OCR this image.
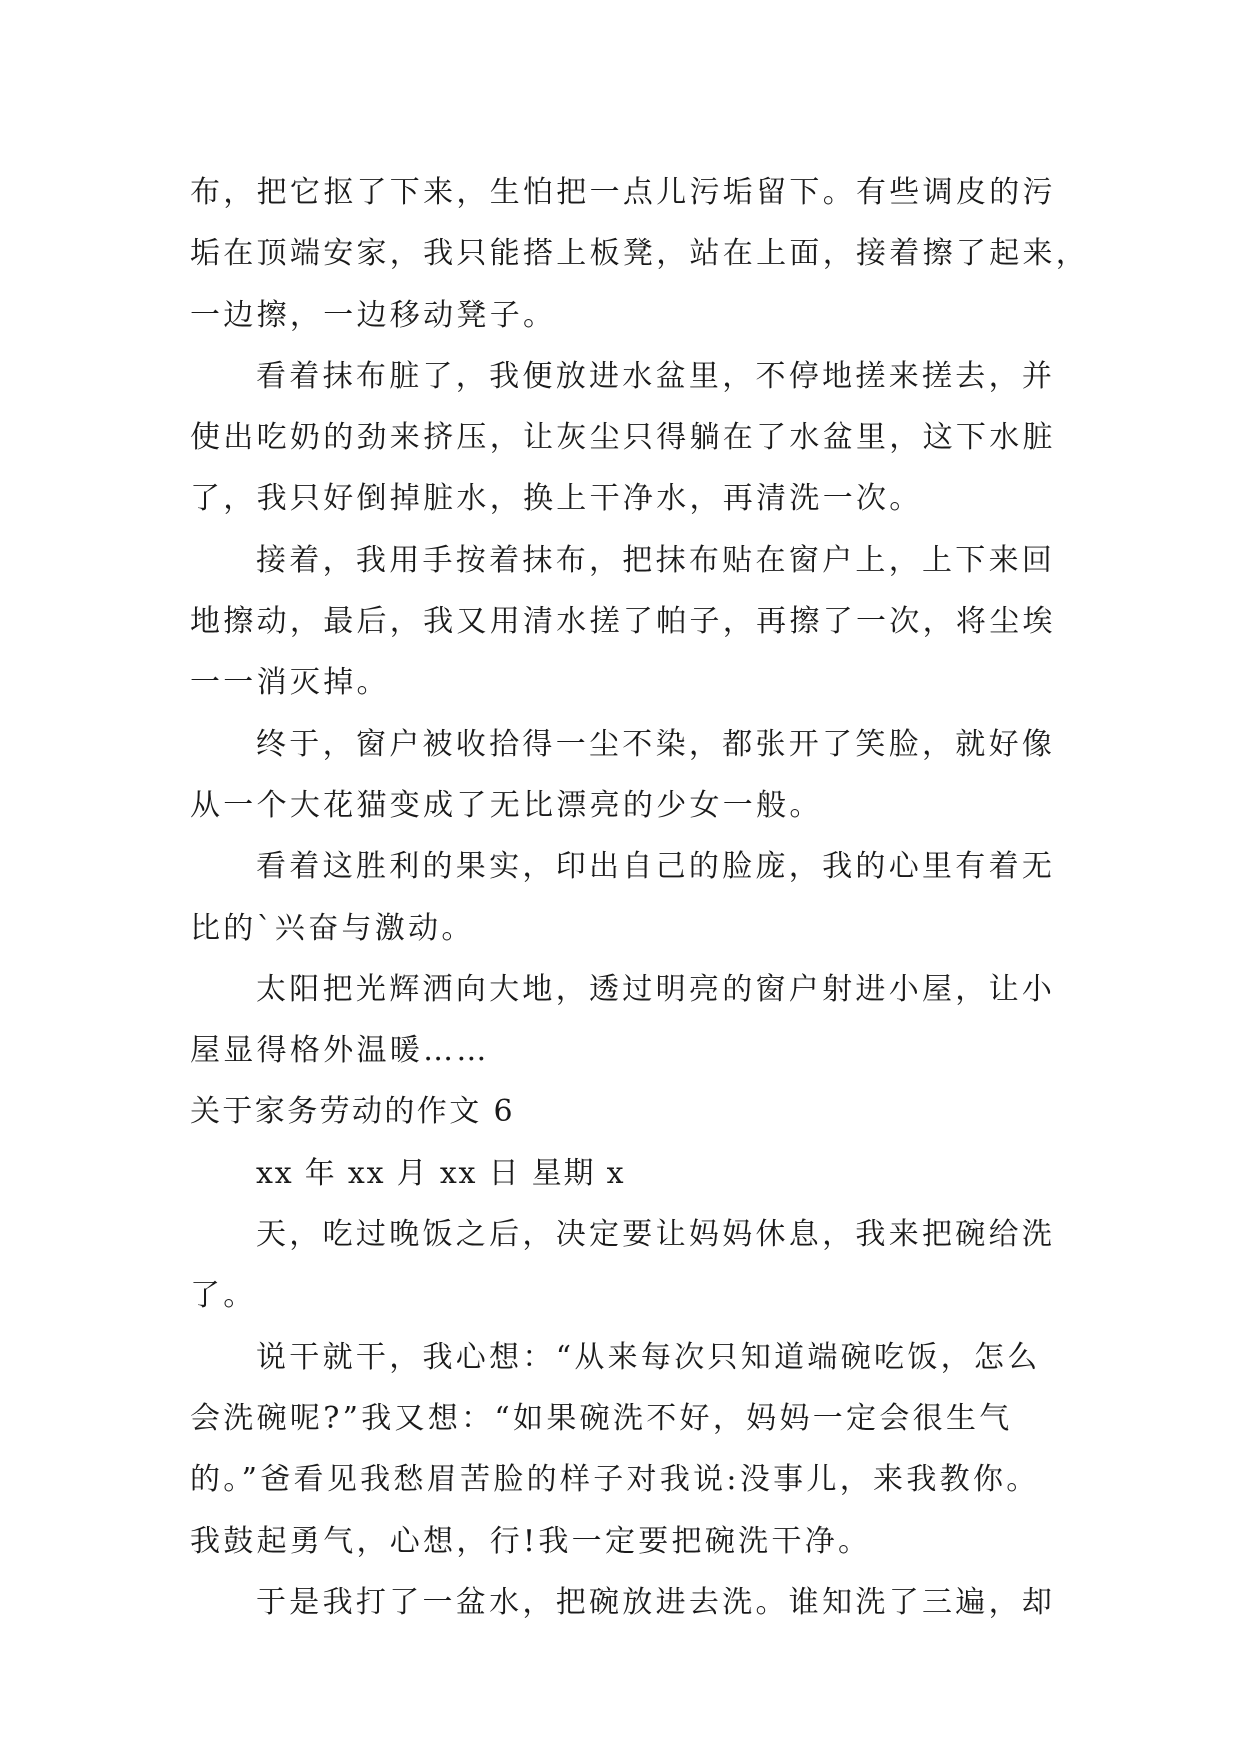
布，把它抠了下来，生怕把一点儿污垢留下。有些调皮的污
垢在顶端安家，我只能搭上板凳，站在上面，接着擦了起来，
一边擦，一边移动凳子。
看着抹布脏了，我便放进水盆里，不停地搓来搓去，并
使出吃奶的劲来挤压，让灰尘只得躺在了水盆里，这下水脏
了，我只好倒掉脏水，换上干净水，再清洗一次。
接着，我用手按着抹布，把抹布贴在窗户上，上下来回
地擦动，最后，我又用清水搓了帕子，再擦了一次，将尘埃
一一消灭掉。
终于，窗户被收拾得一尘不染，都张开了笑脸，就好像
从一个大花猫变成了无比漂亮的少女一般。
看着这胜利的果实，印出自己的脸庞，我的心里有着无
比的`兴奋与激动。
太阳把光辉洒向大地，透过明亮的窗户射进小屋，让小
屋显得格外温暖……
关于家务劳动的作文 6
xx 年 xx 月 xx 日 星期 x
天，吃过晚饭之后，决定要让妈妈休息，我来把碗给洗
了。
说干就干，我心想：“从来每次只知道端碗吃饭，怎么
会洗碗呢?”我又想：“如果碗洗不好，妈妈一定会很生气
的。”爸看见我愁眉苦脸的样子对我说:没事儿，来我教你。
我鼓起勇气，心想，行!我一定要把碗洗干净。
于是我打了一盆水，把碗放进去洗。谁知洗了三遍，却
